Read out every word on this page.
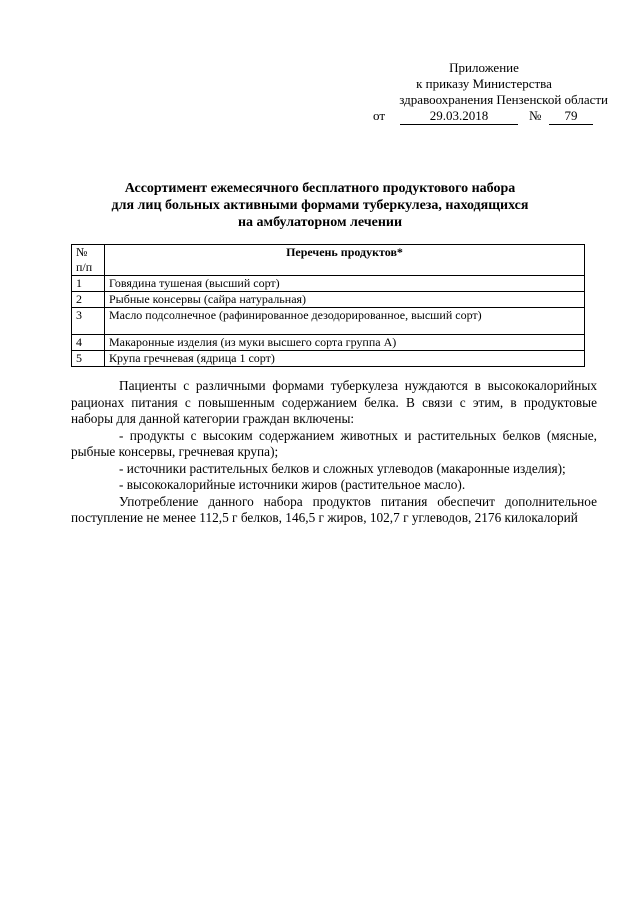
Приложение
к приказу Министерства
здравоохранения Пензенской области
от	29.03.2018	№	79
Ассортимент ежемесячного бесплатного продуктового набора
для лиц больных активными формами туберкулеза, находящихся
на амбулаторном лечении
№
п/п	Перечень продуктов*
1	Говядина тушеная (высший сорт)
2	Рыбные консервы (сайра натуральная)
3	Масло подсолнечное (рафинированное дезодорированное, высший сорт)
4	Макаронные изделия (из муки высшего сорта группа А)
5	Крупа гречневая (ядрица 1 сорт)

Пациенты с различными формами туберкулеза нуждаются в высококалорийных рационах питания с повышенным содержанием белка. В связи с этим, в продуктовые наборы для данной категории граждан включены:

- продукты с высоким содержанием животных и растительных белков (мясные, рыбные консервы, гречневая крупа);

- источники растительных белков и сложных углеводов (макаронные изделия);

- высококалорийные источники жиров (растительное масло).

Употребление данного набора продуктов питания обеспечит дополнительное поступление не менее 112,5 г белков, 146,5 г жиров, 102,7 г углеводов, 2176 килокалорий
